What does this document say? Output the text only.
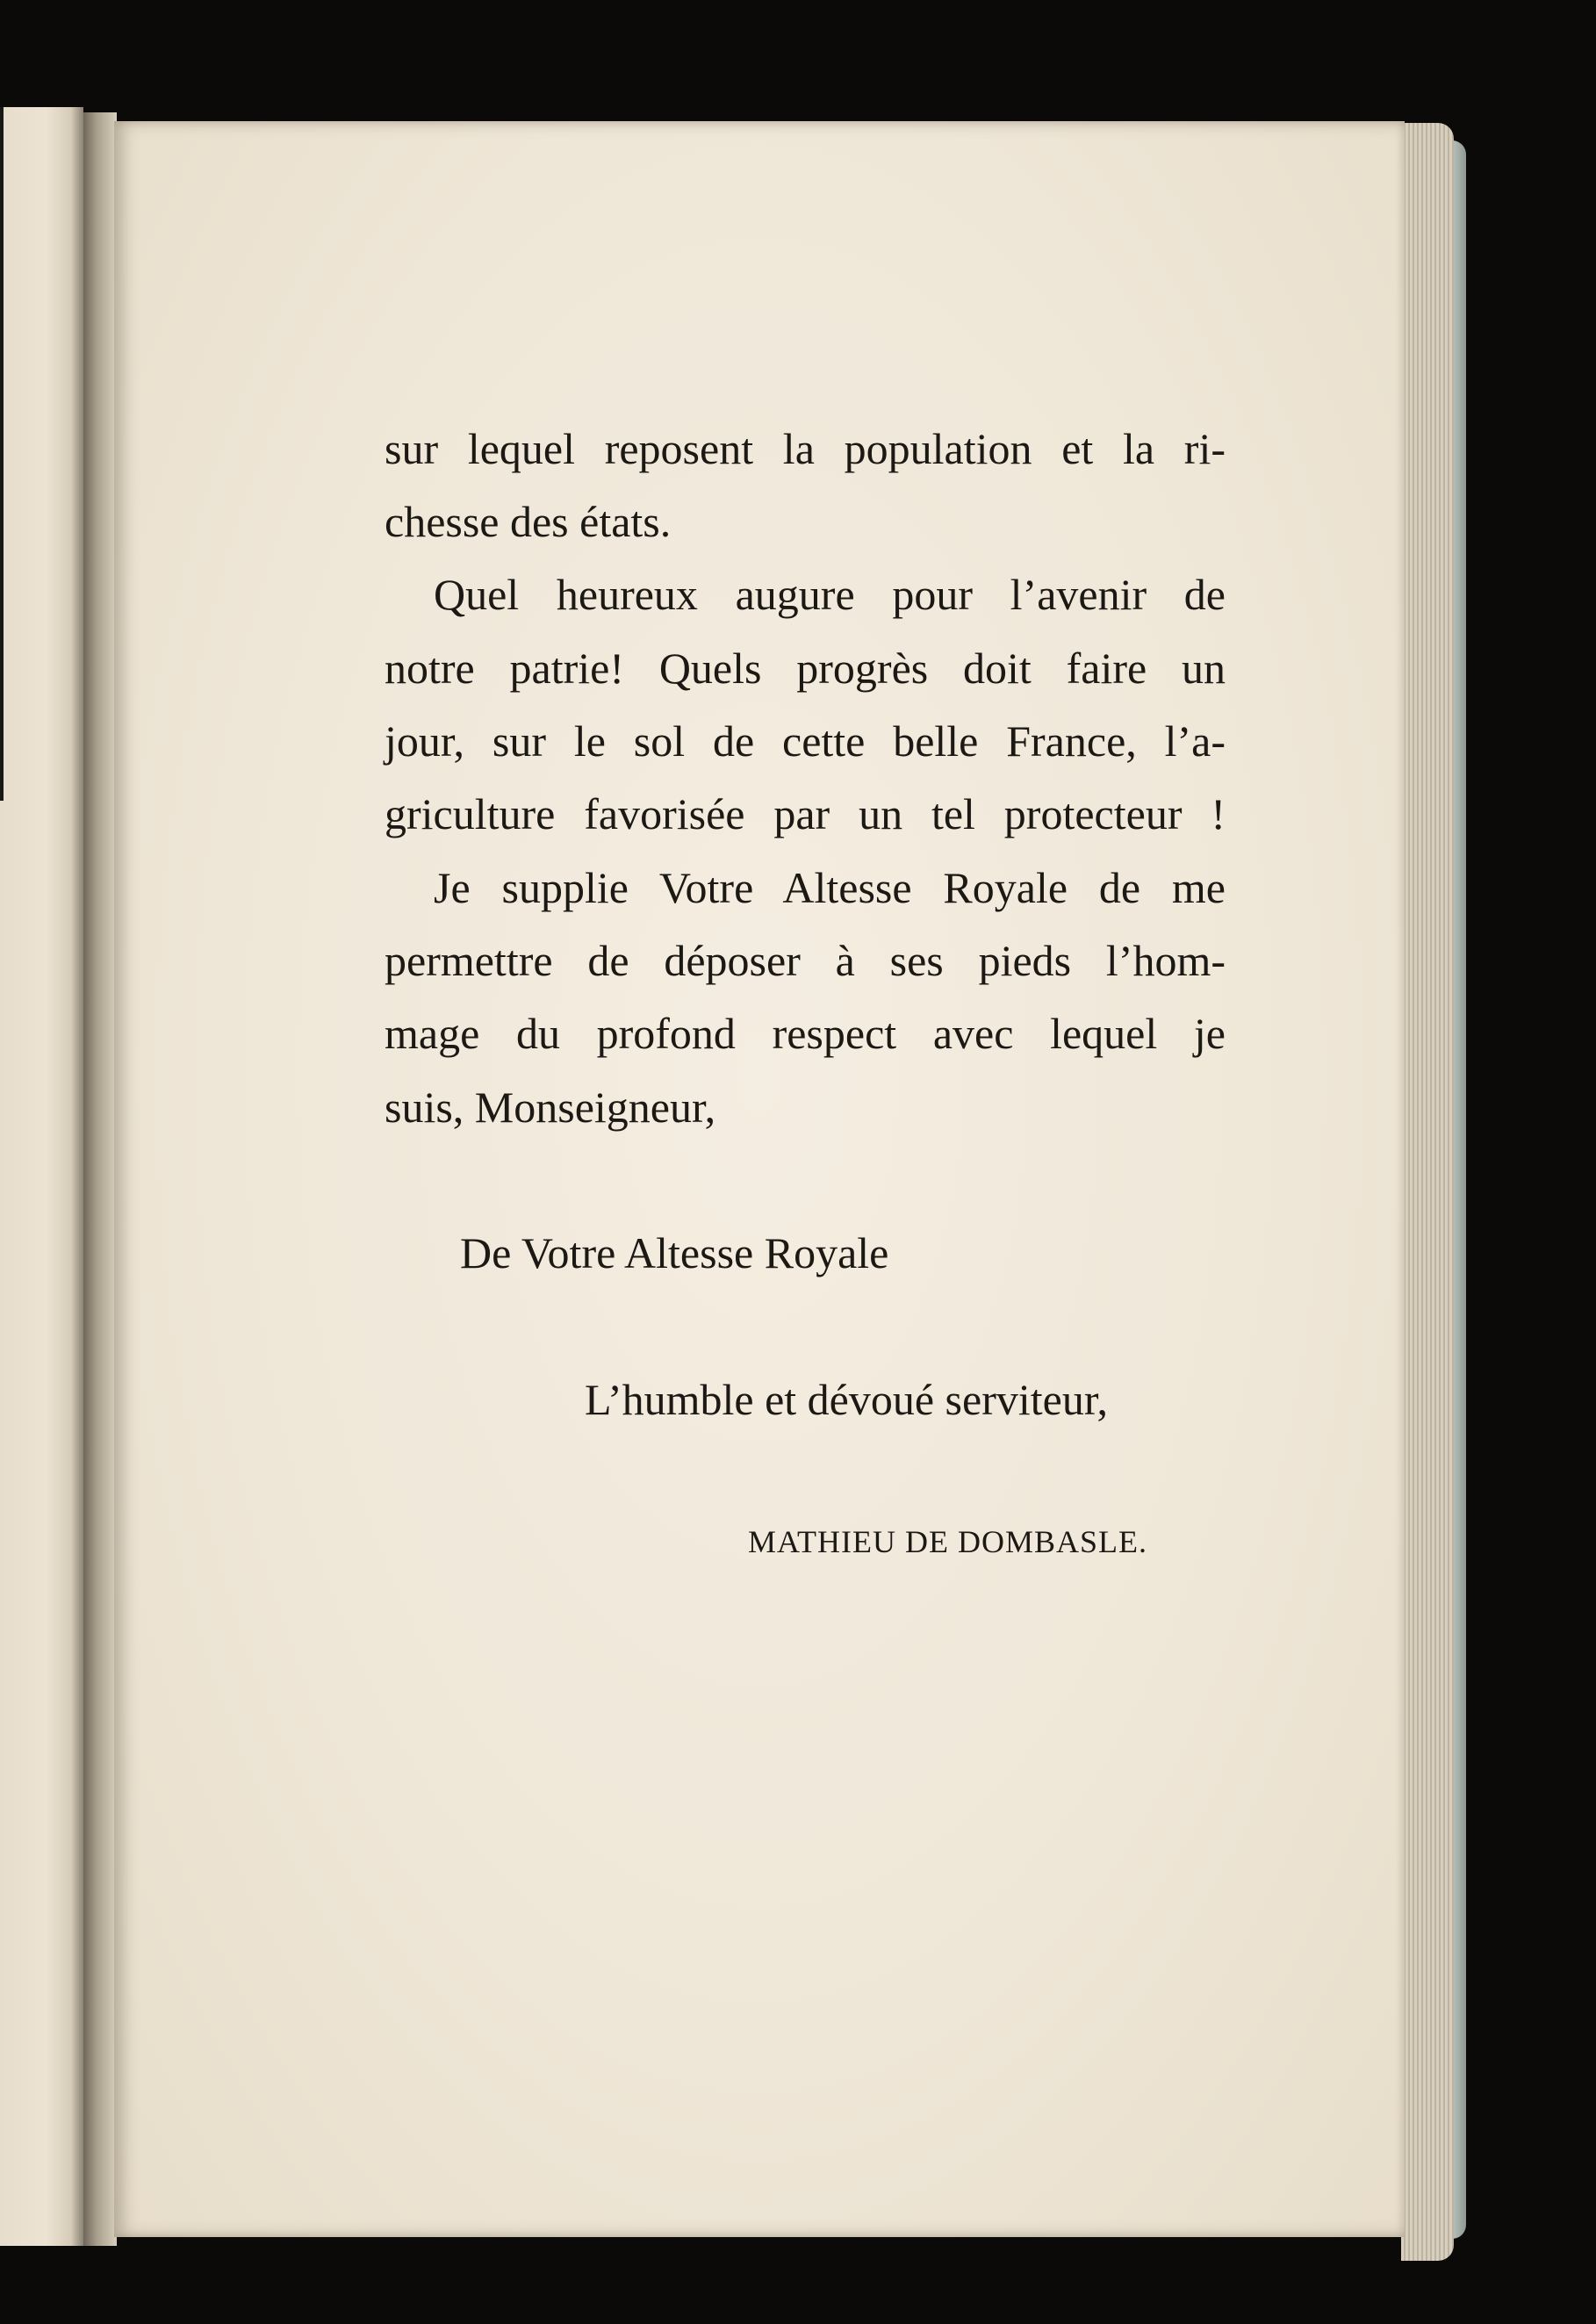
sur lequel reposent la population et la ri-
chesse des états.
Quel heureux augure pour l’avenir de
notre patrie! Quels progrès doit faire un
jour, sur le sol de cette belle France, l’a-
griculture favorisée par un tel protecteur !
Je supplie Votre Altesse Royale de me
permettre de déposer à ses pieds l’hom-
mage du profond respect avec lequel je
suis, Monseigneur,
De Votre Altesse Royale
L’humble et dévoué serviteur,
MATHIEU DE DOMBASLE.
